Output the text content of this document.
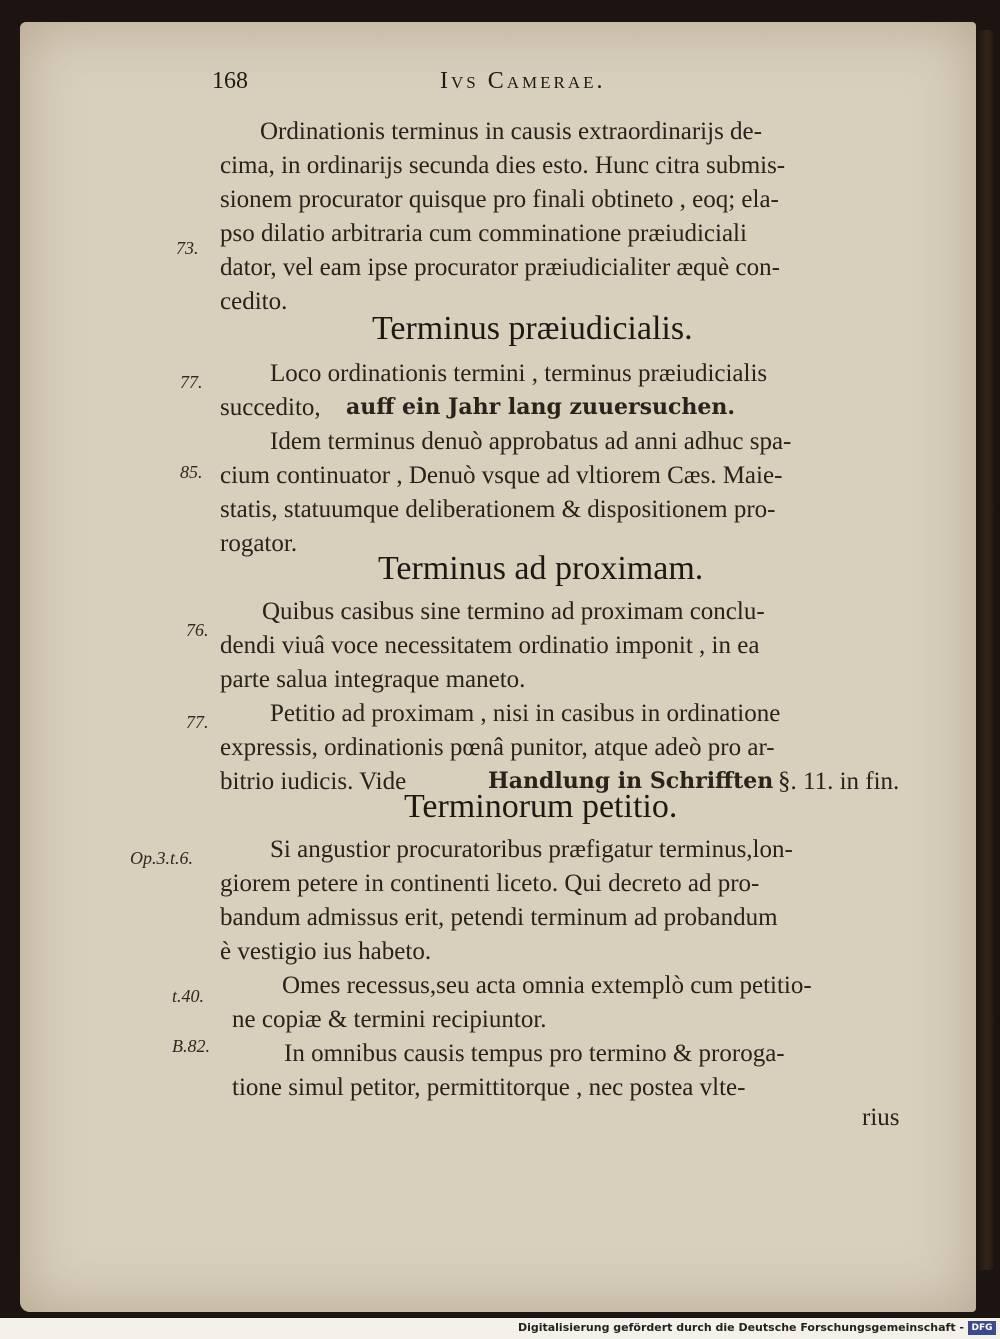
168	Ivs Camerae.
Ordinationis terminus in causis extraordinarijs de-
cima, in ordinarijs secunda dies esto. Hunc citra submis-
sionem procurator quisque pro finali obtineto , eoq; ela-
pso dilatio arbitraria cum comminatione præiudiciali
dator, vel eam ipse procurator præiudicialiter æquè con-
cedito.
Terminus præiudicialis.
Loco ordinationis termini , terminus præiudicialis
succedito, auff ein Jahr lang zuuersuchen.
Idem terminus denuò approbatus ad anni adhuc spa-
cium continuator , Denuò vsque ad vltiorem Cæs. Maie-
statis, statuumque deliberationem & dispositionem pro-
rogator.
Terminus ad proximam.
Quibus casibus sine termino ad proximam conclu-
dendi viuâ voce necessitatem ordinatio imponit , in ea
parte salua integraque maneto.
Petitio ad proximam , nisi in casibus in ordinatione
expressis, ordinationis pœnâ punitor, atque adeò pro ar-
bitrio iudicis. Vide	Handlung in Schrifften §. 11. in fin.
Terminorum petitio.
Si angustior procuratoribus præfigatur terminus,lon-
giorem petere in continenti liceto. Qui decreto ad pro-
bandum admissus erit, petendi terminum ad probandum
è vestigio ius habeto.
Omes recessus,seu acta omnia extemplò cum petitio-
ne copiæ & termini recipiuntor.
In omnibus causis tempus pro termino & proroga-
tione simul petitor, permittitorque , nec postea vlte-
rius
73.
77.
85.
76.
77.
Op.3.t.6.
t.40.
B.82.
Digitalisierung gefördert durch die Deutsche Forschungsgemeinschaft - DFG
